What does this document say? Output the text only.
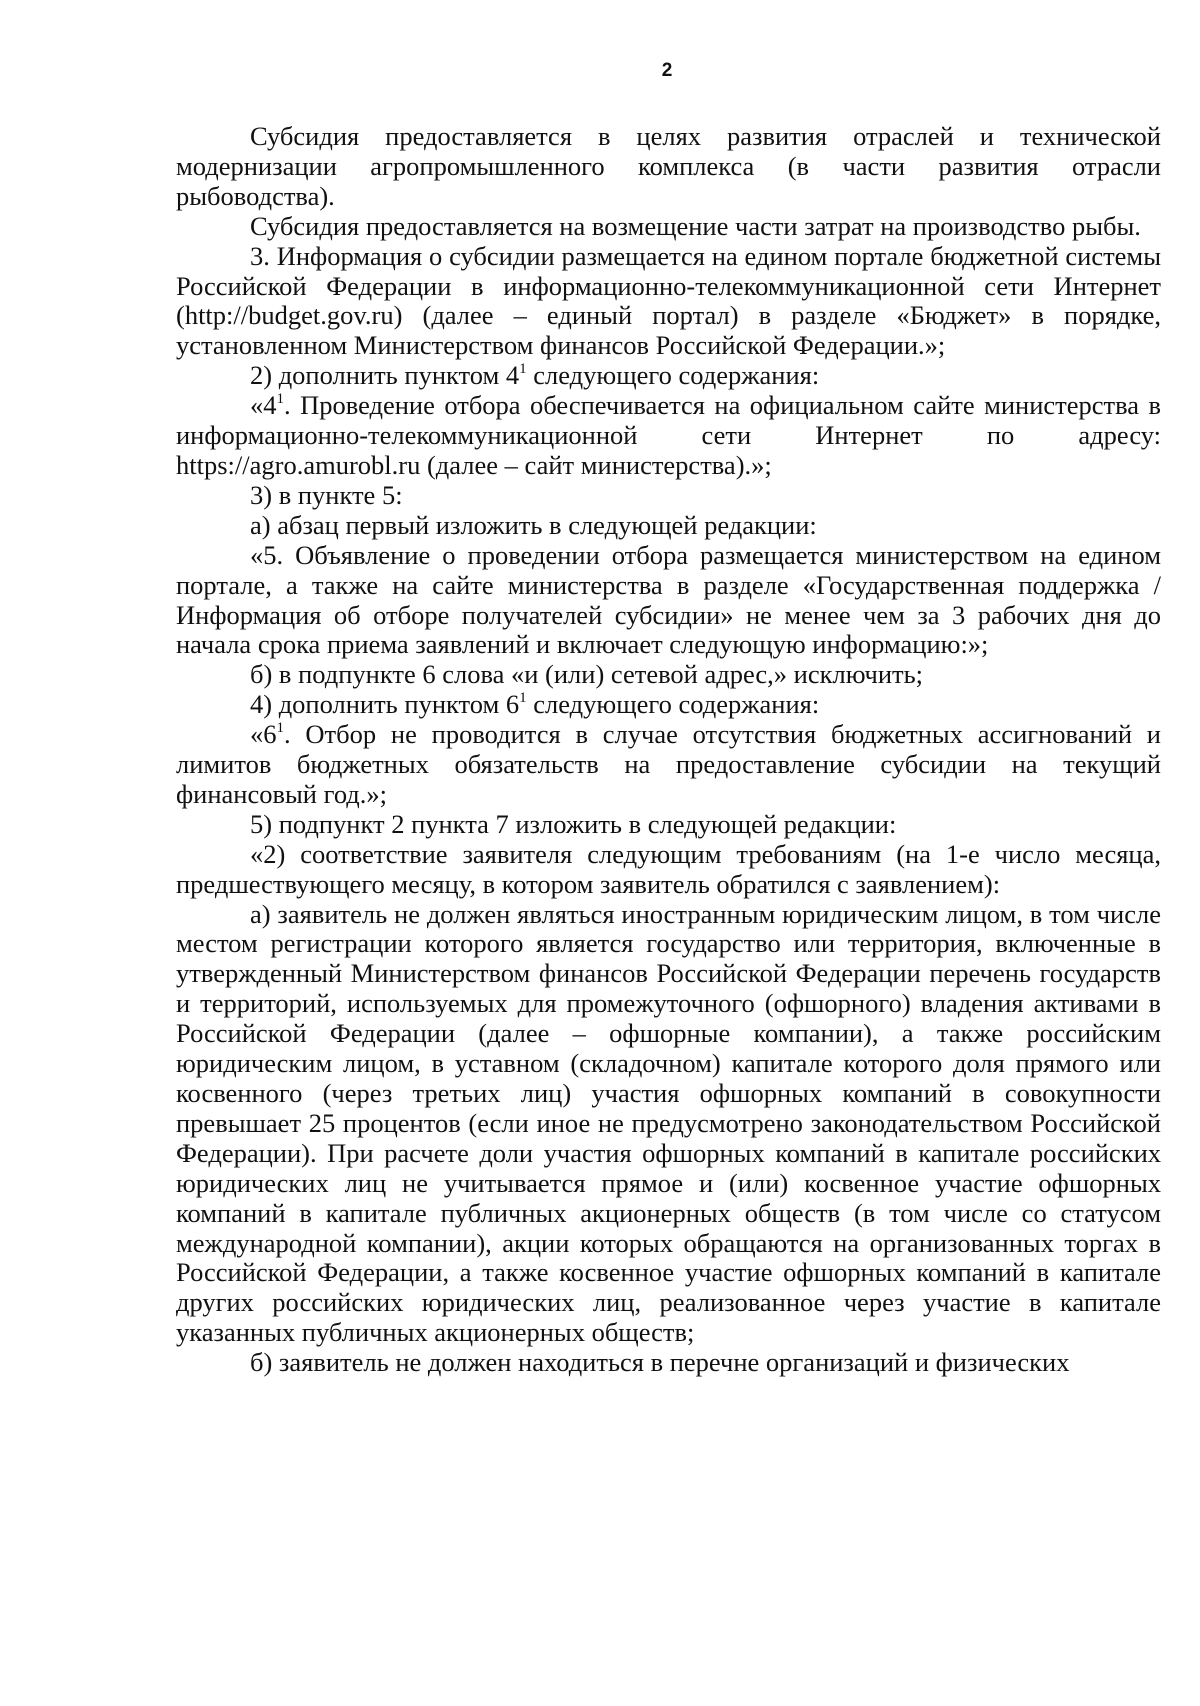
2

Субсидия предоставляется в целях развития отраслей и технической модернизации агропромышленного комплекса (в части развития отрасли рыбоводства).

Субсидия предоставляется на возмещение части затрат на производство рыбы.

3. Информация о субсидии размещается на едином портале бюджетной системы Российской Федерации в информационно-телекоммуникационной сети Интернет (http://budget.gov.ru) (далее – единый портал) в разделе «Бюджет» в порядке, установленном Министерством финансов Российской Федерации.»;

2) дополнить пунктом $4^1$ следующего содержания:

«$4^1$. Проведение отбора обеспечивается на официальном сайте министерства в информационно-телекоммуникационной сети Интернет по адресу: https://agro.amurobl.ru (далее – сайт министерства).»;

3) в пункте 5:

а) абзац первый изложить в следующей редакции:

«5. Объявление о проведении отбора размещается министерством на едином портале, а также на сайте министерства в разделе «Государственная поддержка / Информация об отборе получателей субсидии» не менее чем за 3 рабочих дня до начала срока приема заявлений и включает следующую информацию:»;

б) в подпункте 6 слова «и (или) сетевой адрес,» исключить;

4) дополнить пунктом $6^1$ следующего содержания:

«$6^1$. Отбор не проводится в случае отсутствия бюджетных ассигнований и лимитов бюджетных обязательств на предоставление субсидии на текущий финансовый год.»;

5) подпункт 2 пункта 7 изложить в следующей редакции:

«2) соответствие заявителя следующим требованиям (на 1-е число месяца, предшествующего месяцу, в котором заявитель обратился с заявлением):

а) заявитель не должен являться иностранным юридическим лицом, в том числе местом регистрации которого является государство или территория, включенные в утвержденный Министерством финансов Российской Федерации перечень государств и территорий, используемых для промежуточного (офшорного) владения активами в Российской Федерации (далее – офшорные компании), а также российским юридическим лицом, в уставном (складочном) капитале которого доля прямого или косвенного (через третьих лиц) участия офшорных компаний в совокупности превышает 25 процентов (если иное не предусмотрено законодательством Российской Федерации). При расчете доли участия офшорных компаний в капитале российских юридических лиц не учитывается прямое и (или) косвенное участие офшорных компаний в капитале публичных акционерных обществ (в том числе со статусом международной компании), акции которых обращаются на организованных торгах в Российской Федерации, а также косвенное участие офшорных компаний в капитале других российских юридических лиц, реализованное через участие в капитале указанных публичных акционерных обществ;

б) заявитель не должен находиться в перечне организаций и физических
